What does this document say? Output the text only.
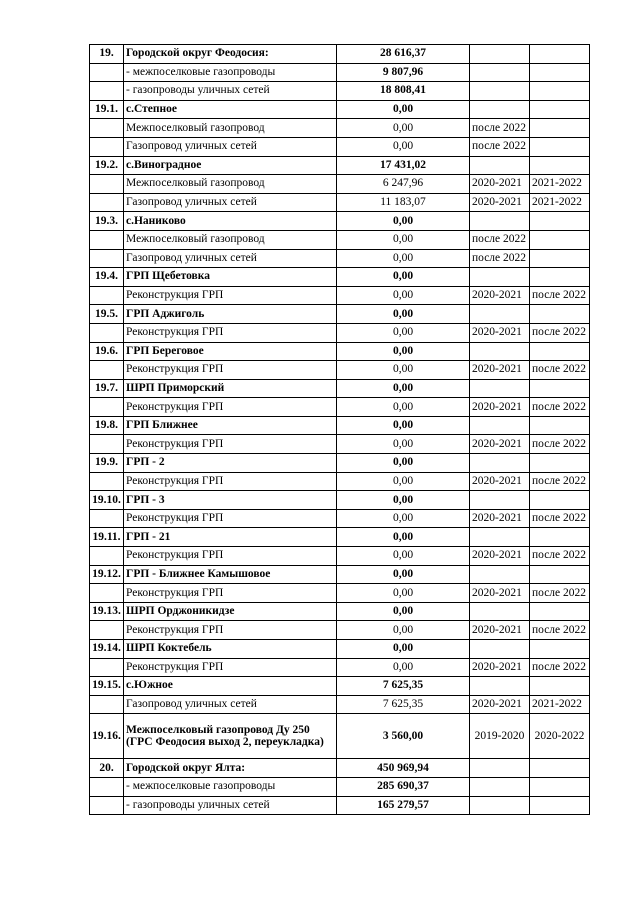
19.	Городской округ Феодосия:	28 616,37		
	- межпоселковые газопроводы	9 807,96		
	- газопроводы уличных сетей	18 808,41		
19.1.	с.Степное	0,00		
	Межпоселковый газопровод	0,00	после 2022	
	Газопровод уличных сетей	0,00	после 2022	
19.2.	с.Виноградное	17 431,02		
	Межпоселковый газопровод	6 247,96	2020-2021	2021-2022
	Газопровод уличных сетей	11 183,07	2020-2021	2021-2022
19.3.	с.Наниково	0,00		
	Межпоселковый газопровод	0,00	после 2022	
	Газопровод уличных сетей	0,00	после 2022	
19.4.	ГРП Щебетовка	0,00		
	Реконструкция ГРП	0,00	2020-2021	после 2022
19.5.	ГРП Аджиголь	0,00		
	Реконструкция ГРП	0,00	2020-2021	после 2022
19.6.	ГРП Береговое	0,00		
	Реконструкция ГРП	0,00	2020-2021	после 2022
19.7.	ШРП Приморский	0,00		
	Реконструкция ГРП	0,00	2020-2021	после 2022
19.8.	ГРП Ближнее	0,00		
	Реконструкция ГРП	0,00	2020-2021	после 2022
19.9.	ГРП - 2	0,00		
	Реконструкция ГРП	0,00	2020-2021	после 2022
19.10.	ГРП - 3	0,00		
	Реконструкция ГРП	0,00	2020-2021	после 2022
19.11.	ГРП - 21	0,00		
	Реконструкция ГРП	0,00	2020-2021	после 2022
19.12.	ГРП - Ближнее Камышовое	0,00		
	Реконструкция ГРП	0,00	2020-2021	после 2022
19.13.	ШРП Орджоникидзе	0,00		
	Реконструкция ГРП	0,00	2020-2021	после 2022
19.14.	ШРП Коктебель	0,00		
	Реконструкция ГРП	0,00	2020-2021	после 2022
19.15.	с.Южное	7 625,35		
	Газопровод уличных сетей	7 625,35	2020-2021	2021-2022
19.16.	Межпоселковый газопровод Ду 250 (ГРС Феодосия выход 2, переукладка)	3 560,00	2019-2020	2020-2022
20.	Городской округ Ялта:	450 969,94		
	- межпоселковые газопроводы	285 690,37		
	- газопроводы уличных сетей	165 279,57		
